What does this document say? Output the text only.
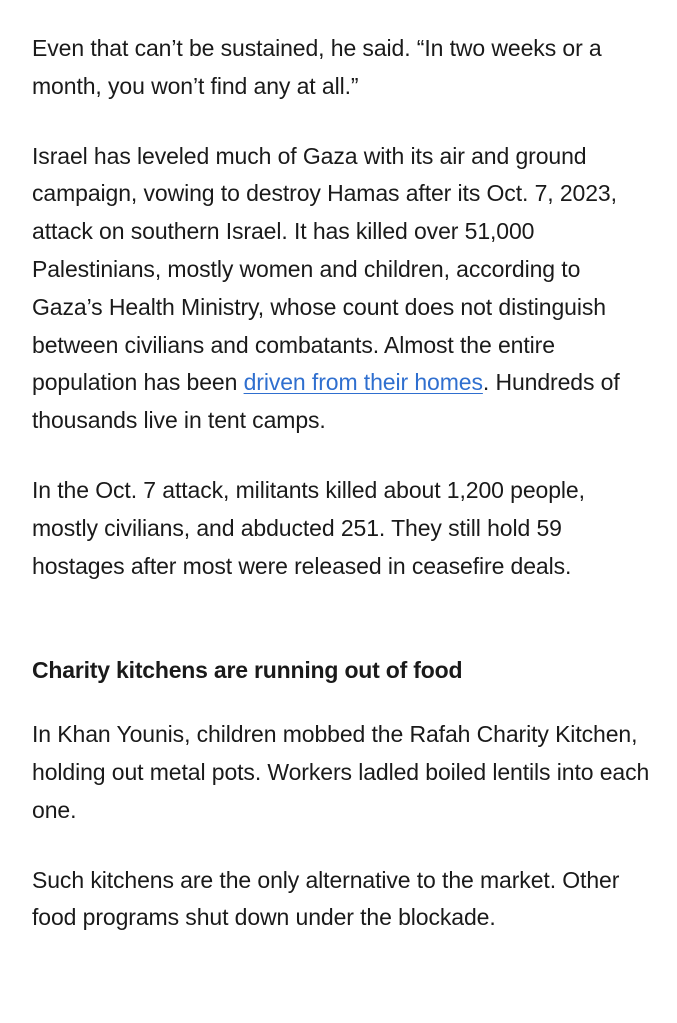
Even that can’t be sustained, he said. “In two weeks or a month, you won’t find any at all.”

Israel has leveled much of Gaza with its air and ground campaign, vowing to destroy Hamas after its Oct. 7, 2023, attack on southern Israel. It has killed over 51,000 Palestinians, mostly women and children, according to Gaza’s Health Ministry, whose count does not distinguish between civilians and combatants. Almost the entire population has been driven from their homes. Hundreds of thousands live in tent camps.

In the Oct. 7 attack, militants killed about 1,200 people, mostly civilians, and abducted 251. They still hold 59 hostages after most were released in ceasefire deals.

Charity kitchens are running out of food

In Khan Younis, children mobbed the Rafah Charity Kitchen, holding out metal pots. Workers ladled boiled lentils into each one.

Such kitchens are the only alternative to the market. Other food programs shut down under the blockade.
